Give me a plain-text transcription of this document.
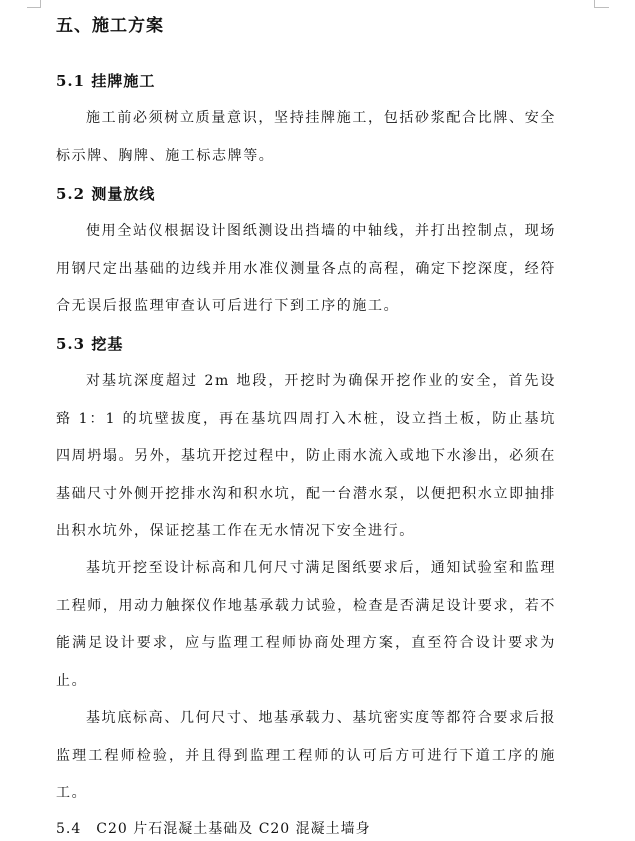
五、施工方案
5.1 挂牌施工

施工前必须树立质量意识，坚持挂牌施工，包括砂浆配合比牌、安全标示牌、胸牌、施工标志牌等。

5.2 测量放线

使用全站仪根据设计图纸测设出挡墙的中轴线，并打出控制点，现场用钢尺定出基础的边线并用水准仪测量各点的高程，确定下挖深度，经符合无误后报监理审查认可后进行下到工序的施工。

5.3 挖基

对基坑深度超过 2m 地段，开挖时为确保开挖作业的安全，首先设臵 1：1 的坑壁拔度，再在基坑四周打入木桩，设立挡土板，防止基坑四周坍塌。另外，基坑开挖过程中，防止雨水流入或地下水渗出，必须在基础尺寸外侧开挖排水沟和积水坑，配一台潜水泵，以便把积水立即抽排出积水坑外，保证挖基工作在无水情况下安全进行。

基坑开挖至设计标高和几何尺寸满足图纸要求后，通知试验室和监理工程师，用动力触探仪作地基承载力试验，检查是否满足设计要求，若不能满足设计要求，应与监理工程师协商处理方案，直至符合设计要求为止。

基坑底标高、几何尺寸、地基承载力、基坑密实度等都符合要求后报监理工程师检验，并且得到监理工程师的认可后方可进行下道工序的施工。

5.4　C20 片石混凝土基础及 C20 混凝土墙身
